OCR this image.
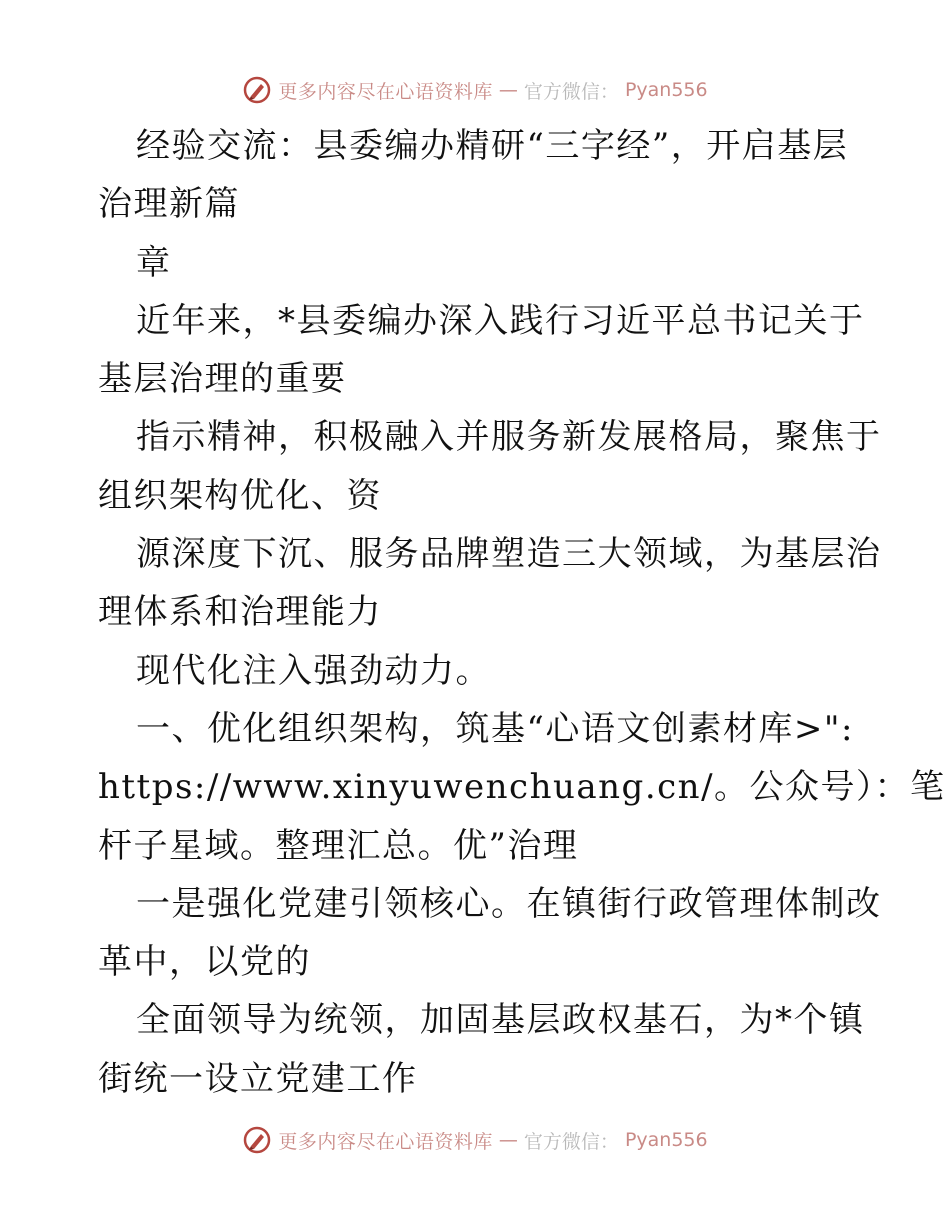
更多内容尽在心语资料库 — 官方微信： Pyan556
经验交流：县委编办精研“三字经”，开启基层
治理新篇
章
近年来，*县委编办深入践行习近平总书记关于
基层治理的重要
指示精神，积极融入并服务新发展格局，聚焦于
组织架构优化、资
源深度下沉、服务品牌塑造三大领域，为基层治
理体系和治理能力
现代化注入强劲动力。
一、优化组织架构，筑基“心语文创素材库>":
https://www.xinyuwenchuang.cn/。公众号）：笔
杆子星域。整理汇总。优”治理
一是强化党建引领核心。在镇街行政管理体制改
革中，以党的
全面领导为统领，加固基层政权基石，为*个镇
街统一设立党建工作
更多内容尽在心语资料库 — 官方微信： Pyan556
